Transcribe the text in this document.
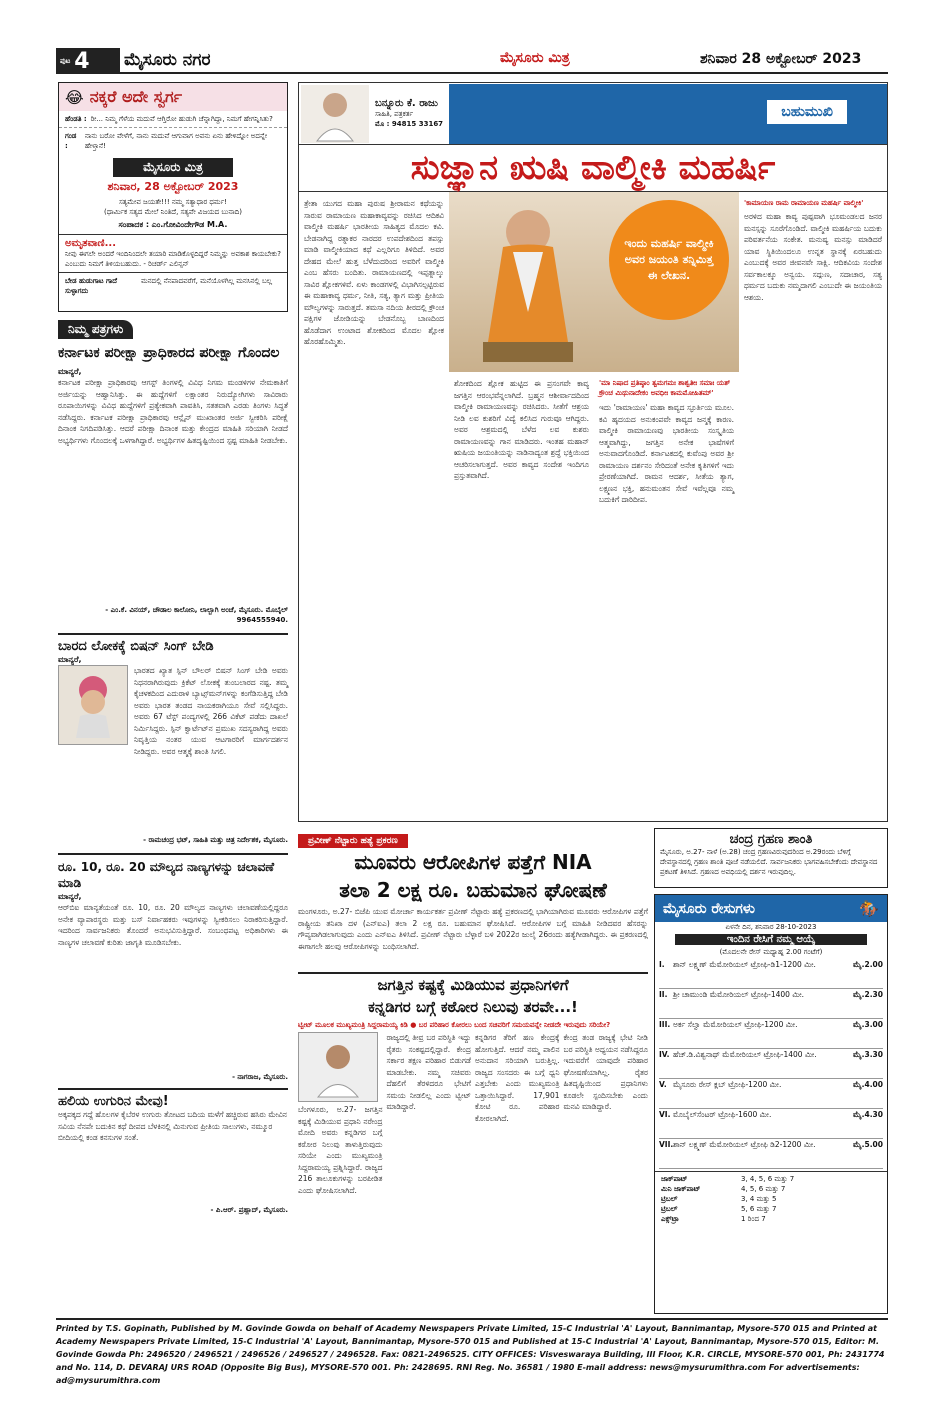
ಪುಟ 4 ಮೈಸೂರು ನಗರ	ಮೈಸೂರು ಮಿತ್ರ	ಶನಿವಾರ 28 ಅಕ್ಟೋಬರ್ 2023
😂 ನಕ್ಕರೆ ಅದೇ ಸ್ವರ್ಗ
ಹೆಂಡತಿ : ರೀ... ನಿಮ್ಮ ಗೆಳೆಯ ಮದುವೆ ಆಗ್ತಿರೋ ಹುಡುಗಿ ಚೆನ್ನಾಗಿದ್ದಾ, ನಿಮಗೆ ಹೇಗನ್ನಿಸಿತು?
ಗಂಡ :
ನಾನು ಬರೋ ವೇಳೆಗೆ, ನಾನು ಮದುವೆ ಆಗುವಾಗ ಅವನು ಏನು ಹೇಳಿದ್ನೋ ಅದನ್ನೇ ಹೇಳ್ತಾನೆ!
ಮೈಸೂರು ಮಿತ್ರ
ಶನಿವಾರ, 28 ಅಕ್ಟೋಬರ್ 2023
ಸತ್ಯಮೇವ ಜಯತೇ!!! ನಮ್ಮ ಸತ್ಯಾಧಾರ ಧರ್ಮ!
(ಧಾರ್ಮಿಕ ಸತ್ಯದ ಮೇಲೆ ನಿಂತಿದೆ, ಸತ್ಯವೇ ವಿಜಯದ ಬುನಾದಿ)
ಸಂಪಾದಕ : ಎಂ.ಗೋವಿಂದೇಗೌಡ M.A.
ಅಮೃತವಾಣಿ...
ನೀವು ಈಗಲೇ ಅಂದರೆ ಇಂದಿನಿಂದಲೇ ತಯಾರಿ ಮಾಡಿಕೊಳ್ಳದಿದ್ದರೆ ನಿಮ್ಮನ್ನು ಅವಕಾಶ ಕಾಯಬೇಕು? ಎಂಬುದು ನಿಮಗೆ ತಿಳಿಯಬಹುದು. - ರಿಚರ್ಡ್ ಎಲಿನ್ಸನ್
ಬೇಡ ಹುಡುಗಾಟ ಗಾದೆ ಸುಳ್ಳಾಗದು
ಮನದಲ್ಲಿ ನೆನಪಾದವರೆಗೆ, ಮನೆಯೊಳಗಿಲ್ಲ ಮನಸಿನಲ್ಲಿ ಬಲ್ಲ
ನಿಮ್ಮ ಪತ್ರಗಳು
ಕರ್ನಾಟಕ ಪರೀಕ್ಷಾ ಪ್ರಾಧಿಕಾರದ ಪರೀಕ್ಷಾ ಗೊಂದಲ
ಮಾನ್ಯರೆ,
ಕರ್ನಾಟಕ ಪರೀಕ್ಷಾ ಪ್ರಾಧಿಕಾರವು ಆಗಸ್ಟ್ ತಿಂಗಳಲ್ಲಿ ವಿವಿಧ ನಿಗಮ ಮಂಡಳಿಗಳ ನೇಮಕಾತಿಗೆ ಅರ್ಜಿಯನ್ನು ಆಹ್ವಾನಿಸಿತ್ತು. ಈ ಹುದ್ದೆಗಳಿಗೆ ಲಕ್ಷಾಂತರ ನಿರುದ್ಯೋಗಿಗಳು ಸಾವಿರಾರು ರೂಪಾಯಿಗಳನ್ನು ವಿವಿಧ ಹುದ್ದೆಗಳಿಗೆ ಪ್ರತ್ಯೇಕವಾಗಿ ಪಾವತಿಸಿ, ಸತತವಾಗಿ ಎರಡು ತಿಂಗಳು ಸಿದ್ಧತೆ ನಡೆಸಿದ್ದರು. ಕರ್ನಾಟಕ ಪರೀಕ್ಷಾ ಪ್ರಾಧಿಕಾರವು ಆನ್ಲೈನ್ ಮುಖಾಂತರ ಅರ್ಜಿ ಸ್ವೀಕರಿಸಿ ಪರೀಕ್ಷೆ ದಿನಾಂಕ ನಿಗದಿಪಡಿಸಿತ್ತು. ಆದರೆ ಪರೀಕ್ಷಾ ದಿನಾಂಕ ಮತ್ತು ಕೇಂದ್ರದ ಮಾಹಿತಿ ಸರಿಯಾಗಿ ನೀಡದೆ ಅಭ್ಯರ್ಥಿಗಳು ಗೊಂದಲಕ್ಕೆ ಒಳಗಾಗಿದ್ದಾರೆ. ಅಭ್ಯರ್ಥಿಗಳ ಹಿತದೃಷ್ಟಿಯಿಂದ ಸ್ಪಷ್ಟ ಮಾಹಿತಿ ನೀಡಬೇಕು.
- ಎಂ.ಕೆ. ವಿನಯ್, ಚೌಡಾಲ ಕಾಲೋನಿ, ಲಾಲ್ಬಾಗಿ ಅಂಚೆ, ಮೈಸೂರು. ಮೊಬೈಲ್ 9964555940.
ಬಾರದ ಲೋಕಕ್ಕೆ ಬಿಷನ್ ಸಿಂಗ್ ಬೇಡಿ
ಮಾನ್ಯರೆ,
ಭಾರತದ ಖ್ಯಾತ ಸ್ಪಿನ್ ಬೌಲರ್ ಬಿಷನ್ ಸಿಂಗ್ ಬೇಡಿ ಅವರು ನಿಧನರಾಗಿರುವುದು ಕ್ರಿಕೆಟ್ ಲೋಕಕ್ಕೆ ತುಂಬಲಾರದ ನಷ್ಟ. ತಮ್ಮ ಕೈಚಳಕದಿಂದ ಎದುರಾಳಿ ಬ್ಯಾಟ್ಸ್‌ಮನ್‌ಗಳನ್ನು ಕಂಗೆಡಿಸುತ್ತಿದ್ದ ಬೇಡಿ ಅವರು ಭಾರತ ತಂಡದ ನಾಯಕರಾಗಿಯೂ ಸೇವೆ ಸಲ್ಲಿಸಿದ್ದರು. ಅವರು 67 ಟೆಸ್ಟ್ ಪಂದ್ಯಗಳಲ್ಲಿ 266 ವಿಕೆಟ್ ಪಡೆದು ದಾಖಲೆ ನಿರ್ಮಿಸಿದ್ದರು. ಸ್ಪಿನ್ ಕ್ವಾರ್ಟೆಟ್‌ನ ಪ್ರಮುಖ ಸದಸ್ಯರಾಗಿದ್ದ ಅವರು ನಿವೃತ್ತಿಯ ನಂತರ ಯುವ ಆಟಗಾರರಿಗೆ ಮಾರ್ಗದರ್ಶನ ನೀಡಿದ್ದರು. ಅವರ ಆತ್ಮಕ್ಕೆ ಶಾಂತಿ ಸಿಗಲಿ.
- ರಾಮಚಂದ್ರ ಭಟ್, ಸಾಹಿತಿ ಮತ್ತು ಚಿತ್ರ ನಿರ್ದೇಶಕ, ಮೈಸೂರು.
ರೂ. 10, ರೂ. 20 ಮೌಲ್ಯದ ನಾಣ್ಯಗಳನ್ನು ಚಲಾವಣೆ ಮಾಡಿ
ಮಾನ್ಯರೆ,
ಆರ್‌ಬಿಐ ಮಾನ್ಯತೆಯಂತೆ ರೂ. 10, ರೂ. 20 ಮೌಲ್ಯದ ನಾಣ್ಯಗಳು ಚಲಾವಣೆಯಲ್ಲಿದ್ದರೂ ಅನೇಕ ವ್ಯಾಪಾರಸ್ಥರು ಮತ್ತು ಬಸ್ ನಿರ್ವಾಹಕರು ಇವುಗಳನ್ನು ಸ್ವೀಕರಿಸಲು ನಿರಾಕರಿಸುತ್ತಿದ್ದಾರೆ. ಇದರಿಂದ ಸಾರ್ವಜನಿಕರು ತೊಂದರೆ ಅನುಭವಿಸುತ್ತಿದ್ದಾರೆ. ಸಂಬಂಧಪಟ್ಟ ಅಧಿಕಾರಿಗಳು ಈ ನಾಣ್ಯಗಳ ಚಲಾವಣೆ ಕುರಿತು ಜಾಗೃತಿ ಮೂಡಿಸಬೇಕು.
- ನಾಗರಾಜ, ಮೈಸೂರು.
ಹಲಿಯ ಉಗುರಿನ ಮೇವು!
ಅಕ್ಕಪಕ್ಕದ ಗದ್ದೆ ಹೊಲಗಳ ಕೈಬೆರಳ ಉಗುರು ತೋಟದ ಬದಿಯ ಮಳೆಗೆ ಹಚ್ಚಿರುವ ಹಸಿರು ಮೇವಿನ ಸವಿಯ ನೆನಪೇ ಬದುಕಿನ ಕಥೆ ದೀಪದ ಬೆಳಕಿನಲ್ಲಿ ಮಿನುಗುವ ಪ್ರೀತಿಯ ಸಾಲುಗಳು, ನಮ್ಮೂರ ಬೀದಿಯಲ್ಲಿ ಕಂಡ ಕನಸುಗಳ ಸಂತೆ.
- ಪಿ.ಆರ್. ಪ್ರಹ್ಲಾದ್, ಮೈಸೂರು.
ಬನ್ನೂರು ಕೆ. ರಾಜು
ಸಾಹಿತಿ, ಪತ್ರಕರ್ತ
ಮೊ : 94815 33167
ಬಹುಮುಖಿ
ಸುಜ್ಞಾನ ಋಷಿ ವಾಲ್ಮೀಕಿ ಮಹರ್ಷಿ
ತ್ರೇತಾ ಯುಗದ ಮಹಾ ಪುರುಷ ಶ್ರೀರಾಮನ ಕಥೆಯನ್ನು ಸಾರುವ ರಾಮಾಯಣ ಮಹಾಕಾವ್ಯವನ್ನು ರಚಿಸಿದ ಆದಿಕವಿ ವಾಲ್ಮೀಕಿ ಮಹರ್ಷಿ ಭಾರತೀಯ ಸಾಹಿತ್ಯದ ಮೊದಲ ಕವಿ. ಬೇಡನಾಗಿದ್ದ ರತ್ನಾಕರ ನಾರದರ ಉಪದೇಶದಿಂದ ತಪಸ್ಸು ಮಾಡಿ ವಾಲ್ಮೀಕಿಯಾದ ಕಥೆ ಎಲ್ಲರಿಗೂ ತಿಳಿದಿದೆ. ಅವರ ದೇಹದ ಮೇಲೆ ಹುತ್ತ ಬೆಳೆದುದರಿಂದ ಅವರಿಗೆ ವಾಲ್ಮೀಕಿ ಎಂಬ ಹೆಸರು ಬಂದಿತು. ರಾಮಾಯಣದಲ್ಲಿ ಇಪ್ಪತ್ನಾಲ್ಕು ಸಾವಿರ ಶ್ಲೋಕಗಳಿವೆ. ಏಳು ಕಾಂಡಗಳಲ್ಲಿ ವಿಭಾಗಿಸಲ್ಪಟ್ಟಿರುವ ಈ ಮಹಾಕಾವ್ಯ ಧರ್ಮ, ನೀತಿ, ಸತ್ಯ, ತ್ಯಾಗ ಮತ್ತು ಪ್ರೀತಿಯ ಮೌಲ್ಯಗಳನ್ನು ಸಾರುತ್ತದೆ. ತಮಸಾ ನದಿಯ ತೀರದಲ್ಲಿ ಕ್ರೌಂಚ ಪಕ್ಷಿಗಳ ಜೋಡಿಯನ್ನು ಬೇಡನೊಬ್ಬ ಬಾಣದಿಂದ ಹೊಡೆದಾಗ ಉಂಟಾದ ಶೋಕದಿಂದ ಮೊದಲ ಶ್ಲೋಕ ಹೊರಹೊಮ್ಮಿತು.
ಇಂದು ಮಹರ್ಷಿ ವಾಲ್ಮೀಕಿ ಅವರ ಜಯಂತಿ ತನ್ನಿಮಿತ್ತ ಈ ಲೇಖನ.
ಶೋಕದಿಂದ ಶ್ಲೋಕ ಹುಟ್ಟಿದ ಈ ಪ್ರಸಂಗವೇ ಕಾವ್ಯ ಜಗತ್ತಿನ ಆರಂಭವೆನ್ನಲಾಗಿದೆ. ಬ್ರಹ್ಮನ ಆಶೀರ್ವಾದದಿಂದ ವಾಲ್ಮೀಕಿ ರಾಮಾಯಣವನ್ನು ರಚಿಸಿದರು. ಸೀತೆಗೆ ಆಶ್ರಯ ನೀಡಿ ಲವ ಕುಶರಿಗೆ ವಿದ್ಯೆ ಕಲಿಸಿದ ಗುರುವೂ ಆಗಿದ್ದರು. ಅವರ ಆಶ್ರಮದಲ್ಲಿ ಬೆಳೆದ ಲವ ಕುಶರು ರಾಮಾಯಣವನ್ನು ಗಾನ ಮಾಡಿದರು. ಇಂತಹ ಮಹಾನ್ ಋಷಿಯ ಜಯಂತಿಯನ್ನು ನಾಡಿನಾದ್ಯಂತ ಶ್ರದ್ಧೆ ಭಕ್ತಿಯಿಂದ ಆಚರಿಸಲಾಗುತ್ತದೆ. ಅವರ ಕಾವ್ಯದ ಸಂದೇಶ ಇಂದಿಗೂ ಪ್ರಸ್ತುತವಾಗಿದೆ.
'ಮಾ ನಿಷಾದ ಪ್ರತಿಷ್ಠಾಂ ತ್ವಮಗಮಃ ಶಾಶ್ವತೀಃ ಸಮಾಃ ಯತ್ ಕ್ರೌಂಚ ಮಿಥುನಾದೇಕಂ ಅವಧೀಃ ಕಾಮಮೋಹಿತಮ್'
ಇದು 'ರಾಮಾಯಣ' ಮಹಾ ಕಾವ್ಯದ ಸ್ಫೂರ್ತಿಯ ಮೂಲ. ಕವಿ ಹೃದಯದ ಅನುಕಂಪವೇ ಕಾವ್ಯದ ಜನ್ಮಕ್ಕೆ ಕಾರಣ. ವಾಲ್ಮೀಕಿ ರಾಮಾಯಣವು ಭಾರತೀಯ ಸಂಸ್ಕೃತಿಯ ಆತ್ಮವಾಗಿದ್ದು, ಜಗತ್ತಿನ ಅನೇಕ ಭಾಷೆಗಳಿಗೆ ಅನುವಾದಗೊಂಡಿದೆ. ಕರ್ನಾಟಕದಲ್ಲಿ ಕುವೆಂಪು ಅವರ ಶ್ರೀ ರಾಮಾಯಣ ದರ್ಶನಂ ಸೇರಿದಂತೆ ಅನೇಕ ಕೃತಿಗಳಿಗೆ ಇದು ಪ್ರೇರಣೆಯಾಗಿದೆ. ರಾಮನ ಆದರ್ಶ, ಸೀತೆಯ ತ್ಯಾಗ, ಲಕ್ಷ್ಮಣನ ಭಕ್ತಿ, ಹನುಮಂತನ ಸೇವೆ ಇವೆಲ್ಲವೂ ನಮ್ಮ ಬದುಕಿಗೆ ದಾರಿದೀಪ.
'ಕಾಮಾಯಣ ರಾಮ ರಾಮಾಯಣ ಮಹರ್ಷಿ ವಾಲ್ಮೀಕಿ'
ಅರಳಿದ ಮಹಾ ಕಾವ್ಯ ಪುಷ್ಪವಾಗಿ ಭೂಮಂಡಲದ ಜನರ ಮನಸ್ಸನ್ನು ಸೂರೆಗೊಂಡಿದೆ. ವಾಲ್ಮೀಕಿ ಮಹರ್ಷಿಯ ಬದುಕು ಪರಿವರ್ತನೆಯ ಸಂಕೇತ. ಮನುಷ್ಯ ಮನಸ್ಸು ಮಾಡಿದರೆ ಯಾವ ಸ್ಥಿತಿಯಿಂದಲೂ ಉನ್ನತ ಸ್ಥಾನಕ್ಕೆ ಏರಬಹುದು ಎಂಬುದಕ್ಕೆ ಅವರ ಜೀವನವೇ ಸಾಕ್ಷಿ. ಆದಿಕವಿಯ ಸಂದೇಶ ಸರ್ವಕಾಲಕ್ಕೂ ಅನ್ವಯ. ಸದ್ಗುಣ, ಸದಾಚಾರ, ಸತ್ಯ ಧರ್ಮದ ಬದುಕು ನಮ್ಮದಾಗಲಿ ಎಂಬುದೇ ಈ ಜಯಂತಿಯ ಆಶಯ.
ಪ್ರವೀಣ್ ನೆಟ್ಟಾರು ಹತ್ಯೆ ಪ್ರಕರಣ
ಮೂವರು ಆರೋಪಿಗಳ ಪತ್ತೆಗೆ NIA
ತಲಾ 2 ಲಕ್ಷ ರೂ. ಬಹುಮಾನ ಘೋಷಣೆ
ಮಂಗಳೂರು, ಅ.27- ಬಿಜೆಪಿ ಯುವ ಮೋರ್ಚಾ ಕಾರ್ಯಕರ್ತ ಪ್ರವೀಣ್ ನೆಟ್ಟಾರು ಹತ್ಯೆ ಪ್ರಕರಣದಲ್ಲಿ ಭಾಗಿಯಾಗಿರುವ ಮೂವರು ಆರೋಪಿಗಳ ಪತ್ತೆಗೆ ರಾಷ್ಟ್ರೀಯ ತನಿಖಾ ದಳ (ಎನ್ಐಎ) ತಲಾ 2 ಲಕ್ಷ ರೂ. ಬಹುಮಾನ ಘೋಷಿಸಿದೆ. ಆರೋಪಿಗಳ ಬಗ್ಗೆ ಮಾಹಿತಿ ನೀಡಿದವರ ಹೆಸರನ್ನು ಗೌಪ್ಯವಾಗಿಡಲಾಗುವುದು ಎಂದು ಎನ್ಐಎ ತಿಳಿಸಿದೆ. ಪ್ರವೀಣ್ ನೆಟ್ಟಾರು ಬೆಳ್ಳಾರೆ ಬಳಿ 2022ರ ಜುಲೈ 26ರಂದು ಹತ್ಯೆಗೀಡಾಗಿದ್ದರು. ಈ ಪ್ರಕರಣದಲ್ಲಿ ಈಗಾಗಲೇ ಹಲವು ಆರೋಪಿಗಳನ್ನು ಬಂಧಿಸಲಾಗಿದೆ.
ಚಂದ್ರ ಗ್ರಹಣ ಶಾಂತಿ
ಮೈಸೂರು, ಅ.27- ನಾಳೆ (ಅ.28) ಚಂದ್ರ ಗ್ರಹಣವಿರುವುದರಿಂದ ಅ.29ರಂದು ಬೆಳಿಗ್ಗೆ ದೇವಸ್ಥಾನದಲ್ಲಿ ಗ್ರಹಣ ಶಾಂತಿ ಪೂಜೆ ನಡೆಯಲಿದೆ. ಸಾರ್ವಜನಿಕರು ಭಾಗವಹಿಸಬೇಕೆಂದು ದೇವಸ್ಥಾನದ ಪ್ರಕಟಣೆ ತಿಳಿಸಿದೆ. ಗ್ರಹಣದ ಅವಧಿಯಲ್ಲಿ ದರ್ಶನ ಇರುವುದಿಲ್ಲ.
ಮೈಸೂರು ರೇಸುಗಳು	🏇
ಏಳನೇ ದಿನ, ಶನಿವಾರ 28-10-2023
ಇಂದಿನ ರೇಸಿಗೆ ನಮ್ಮ ಆಯ್ಕೆ
(ಮೊದಲನೇ ರೇಸ್ ಮಧ್ಯಾಹ್ನ 2.00 ಗಂಟೆಗೆ)
I.	ಶಾನ್ ಲಕ್ಷ್ಮಣ್ ಮೆಮೋರಿಯಲ್ ಟ್ರೋಫಿ-ಡಿ1-1200 ಮೀ.	ಮೈ.2.00
II. ಶ್ರೀ ಚಾಮುಂಡಿ ಮೆಮೋರಿಯಲ್ ಟ್ರೋಫಿ-1400 ಮೀ.	ಮೈ.2.30
III. ಅರ್ಕ ಸೆಲ್ವಾ ಮೆಮೋರಿಯಲ್ ಟ್ರೋಫಿ-1200 ಮೀ.	ಮೈ.3.00
IV. ಹೆಚ್.ಡಿ.ವಿಶ್ವನಾಥ್ ಮೆಮೋರಿಯಲ್ ಟ್ರೋಫಿ-1400 ಮೀ.	ಮೈ.3.30
V. ಮೈಸೂರು ರೇಸ್ ಕ್ಲಬ್ ಟ್ರೋಫಿ-1200 ಮೀ.	ಮೈ.4.00
VI. ಮೊಬೈಲ್‌ಸೆಂಟರ್ ಟ್ರೋಫಿ-1600 ಮೀ.	ಮೈ.4.30
VII. ಶಾನ್ ಲಕ್ಷ್ಮಣ್ ಮೆಮೋರಿಯಲ್ ಟ್ರೋಫಿ ಡಿ2-1200 ಮೀ.	ಮೈ.5.00
ಜಾಕ್‌ಪಾಟ್	3, 4, 5, 6 ಮತ್ತು 7
ಮಿನಿ ಜಾಕ್‌ಪಾಟ್	4, 5, 6 ಮತ್ತು 7
ಟ್ರಿಬಲ್	3, 4 ಮತ್ತು 5
ಟ್ರಿಬಲ್	5, 6 ಮತ್ತು 7
ಎಕ್ಸ್‌ಟ್ರಾ	1 ರಿಂದ 7
ಜಗತ್ತಿನ ಕಷ್ಟಕ್ಕೆ ಮಿಡಿಯುವ ಪ್ರಧಾನಿಗಳಿಗೆ
ಕನ್ನಡಿಗರ ಬಗ್ಗೆ ಕಠೋರ ನಿಲುವು ತರವೇ...!
ಟ್ವೀಟ್ ಮೂಲಕ ಮುಖ್ಯಮಂತ್ರಿ ಸಿದ್ದರಾಮಯ್ಯ ಕಿಡಿ ● ಬರ ಪರಿಹಾರ ಕೋರಲು ಬಂದ ಸಚಿವರಿಗೆ ಸಮಯವನ್ನೇ ನೀಡದೇ ಇರುವುದು ಸರಿಯೇ?
ಬೆಂಗಳೂರು, ಅ.27- ಜಗತ್ತಿನ ಕಷ್ಟಕ್ಕೆ ಮಿಡಿಯುವ ಪ್ರಧಾನಿ ನರೇಂದ್ರ ಮೋದಿ ಅವರು ಕನ್ನಡಿಗರ ಬಗ್ಗೆ ಕಠೋರ ನಿಲುವು ತಾಳುತ್ತಿರುವುದು ಸರಿಯೇ ಎಂದು ಮುಖ್ಯಮಂತ್ರಿ ಸಿದ್ದರಾಮಯ್ಯ ಪ್ರಶ್ನಿಸಿದ್ದಾರೆ. ರಾಜ್ಯದ 216 ತಾಲೂಕುಗಳನ್ನು ಬರಪೀಡಿತ ಎಂದು ಘೋಷಿಸಲಾಗಿದೆ.
ರಾಜ್ಯದಲ್ಲಿ ತೀವ್ರ ಬರ ಪರಿಸ್ಥಿತಿ ಇದ್ದು ರೈತರು ಸಂಕಷ್ಟದಲ್ಲಿದ್ದಾರೆ. ಕೇಂದ್ರ ಸರ್ಕಾರ ತಕ್ಷಣ ಪರಿಹಾರ ಬಿಡುಗಡೆ ಮಾಡಬೇಕು. ನಮ್ಮ ಸಚಿವರು ದೆಹಲಿಗೆ ತೆರಳಿದರೂ ಭೇಟಿಗೆ ಸಮಯ ನೀಡಲಿಲ್ಲ ಎಂದು ಟ್ವೀಟ್ ಮಾಡಿದ್ದಾರೆ.
ಕನ್ನಡಿಗರ ತೆರಿಗೆ ಹಣ ಕೇಂದ್ರಕ್ಕೆ ಹೋಗುತ್ತಿದೆ. ಆದರೆ ನಮ್ಮ ಪಾಲಿನ ಅನುದಾನ ಸರಿಯಾಗಿ ಬರುತ್ತಿಲ್ಲ. ರಾಜ್ಯದ ಸಂಸದರು ಈ ಬಗ್ಗೆ ಧ್ವನಿ ಎತ್ತಬೇಕು ಎಂದು ಮುಖ್ಯಮಂತ್ರಿ ಒತ್ತಾಯಿಸಿದ್ದಾರೆ. 17,901 ಕೋಟಿ ರೂ. ಪರಿಹಾರ ಕೋರಲಾಗಿದೆ.
ಕೇಂದ್ರ ತಂಡ ರಾಜ್ಯಕ್ಕೆ ಭೇಟಿ ನೀಡಿ ಬರ ಪರಿಸ್ಥಿತಿ ಅಧ್ಯಯನ ನಡೆಸಿದ್ದರೂ ಇದುವರೆಗೆ ಯಾವುದೇ ಪರಿಹಾರ ಘೋಷಣೆಯಾಗಿಲ್ಲ. ರೈತರ ಹಿತದೃಷ್ಟಿಯಿಂದ ಪ್ರಧಾನಿಗಳು ಕೂಡಲೇ ಸ್ಪಂದಿಸಬೇಕು ಎಂದು ಮನವಿ ಮಾಡಿದ್ದಾರೆ.
Printed by T.S. Gopinath, Published by M. Govinde Gowda on behalf of Academy Newspapers Private Limited, 15-C Industrial 'A' Layout, Bannimantap, Mysore-570 015 and Printed at Academy Newspapers Private Limited, 15-C Industrial 'A' Layout, Bannimantap, Mysore-570 015 and Published at 15-C Industrial 'A' Layout, Bannimantap, Mysore-570 015, Editor: M. Govinde Gowda Ph: 2496520 / 2496521 / 2496526 / 2496527 / 2496528. Fax: 0821-2496525. CITY OFFICES: Visveswaraya Building, III Floor, K.R. CIRCLE, MYSORE-570 001, Ph: 2431774 and No. 114, D. DEVARAJ URS ROAD (Opposite Big Bus), MYSORE-570 001. Ph: 2428695. RNI Reg. No. 36581 / 1980 E-mail address: news@mysurumithra.com For advertisements: ad@mysurumithra.com
